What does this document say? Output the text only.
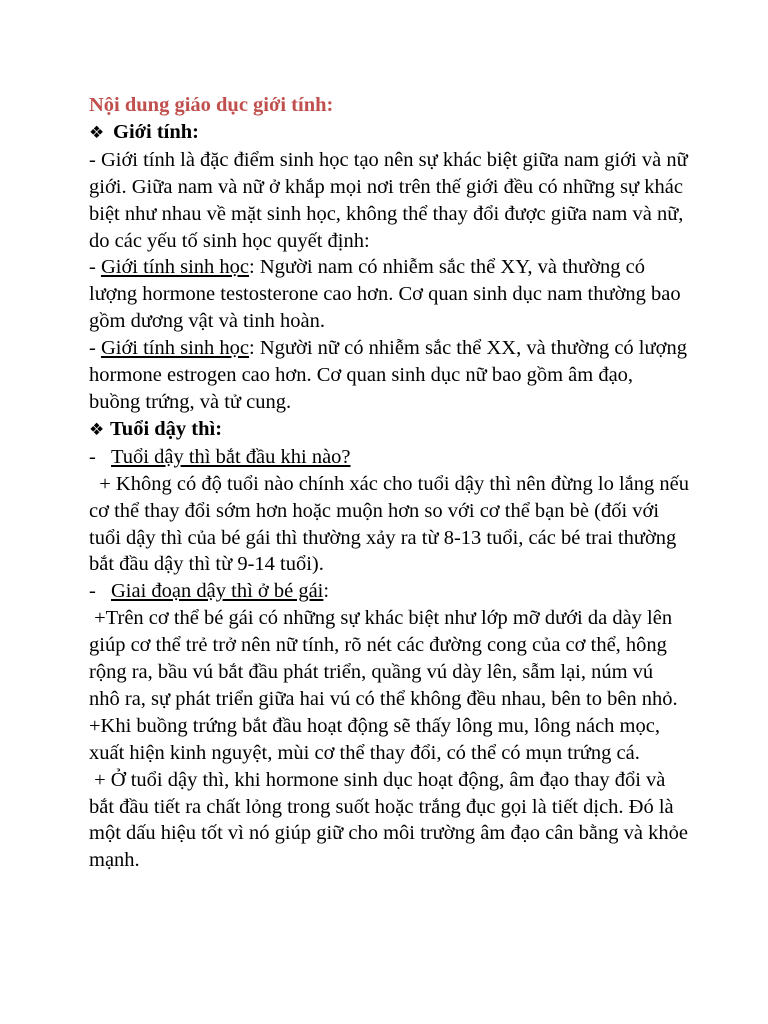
Nội dung giáo dục giới tính:

❖ Giới tính:

- Giới tính là đặc điểm sinh học tạo nên sự khác biệt giữa nam giới và nữ giới. Giữa nam và nữ ở khắp mọi nơi trên thế giới đều có những sự khác biệt như nhau về mặt sinh học, không thể thay đổi được giữa nam và nữ, do các yếu tố sinh học quyết định:

- Giới tính sinh học: Người nam có nhiễm sắc thể XY, và thường có lượng hormone testosterone cao hơn. Cơ quan sinh dục nam thường bao gồm dương vật và tinh hoàn.

- Giới tính sinh học: Người nữ có nhiễm sắc thể XX, và thường có lượng hormone estrogen cao hơn. Cơ quan sinh dục nữ bao gồm âm đạo, buồng trứng, và tử cung.

❖ Tuổi dậy thì:

- Tuổi dậy thì bắt đầu khi nào?

+ Không có độ tuổi nào chính xác cho tuổi dậy thì nên đừng lo lắng nếu cơ thể thay đổi sớm hơn hoặc muộn hơn so với cơ thể bạn bè (đối với tuổi dậy thì của bé gái thì thường xảy ra từ 8-13 tuổi, các bé trai thường bắt đầu dậy thì từ 9-14 tuổi).

- Giai đoạn dậy thì ở bé gái:

+Trên cơ thể bé gái có những sự khác biệt như lớp mỡ dưới da dày lên giúp cơ thể trẻ trở nên nữ tính, rõ nét các đường cong của cơ thể, hông rộng ra, bầu vú bắt đầu phát triển, quầng vú dày lên, sẫm lại, núm vú nhô ra, sự phát triển giữa hai vú có thể không đều nhau, bên to bên nhỏ.

+Khi buồng trứng bắt đầu hoạt động sẽ thấy lông mu, lông nách mọc, xuất hiện kinh nguyệt, mùi cơ thể thay đổi, có thể có mụn trứng cá.

+ Ở tuổi dậy thì, khi hormone sinh dục hoạt động, âm đạo thay đổi và bắt đầu tiết ra chất lỏng trong suốt hoặc trắng đục gọi là tiết dịch. Đó là một dấu hiệu tốt vì nó giúp giữ cho môi trường âm đạo cân bằng và khỏe mạnh.
